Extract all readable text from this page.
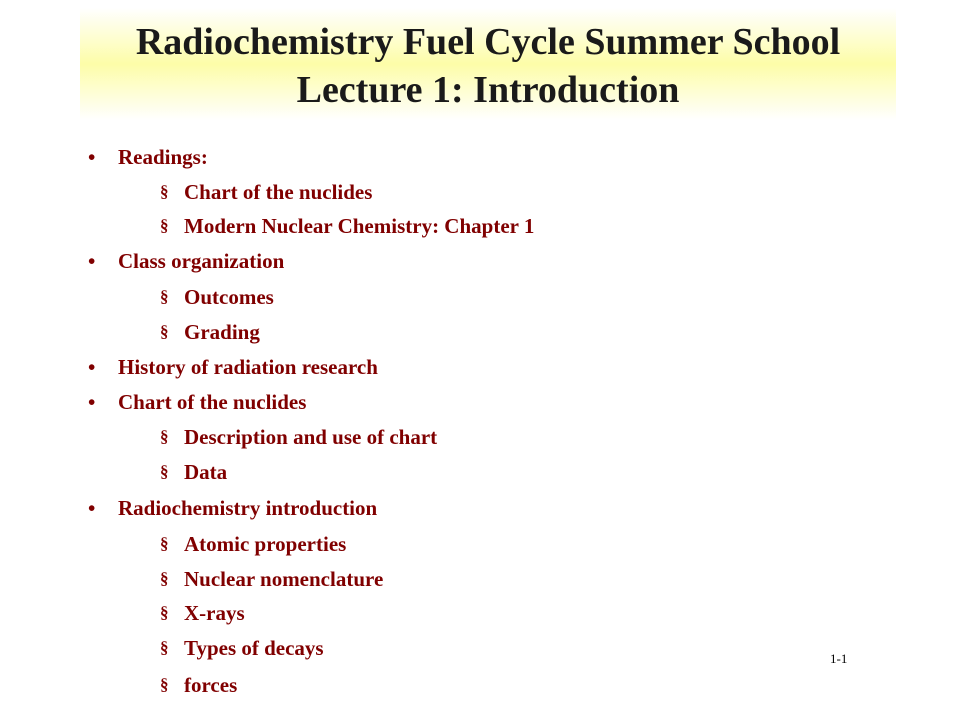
Radiochemistry Fuel Cycle Summer School
Lecture 1: Introduction
• Readings:
§ Chart of the nuclides
§ Modern Nuclear Chemistry: Chapter 1
• Class organization
§ Outcomes
§ Grading
• History of radiation research
• Chart of the nuclides
§ Description and use of chart
§ Data
• Radiochemistry introduction
§ Atomic properties
§ Nuclear nomenclature
§ X-rays
§ Types of decays
§ forces
1-1
